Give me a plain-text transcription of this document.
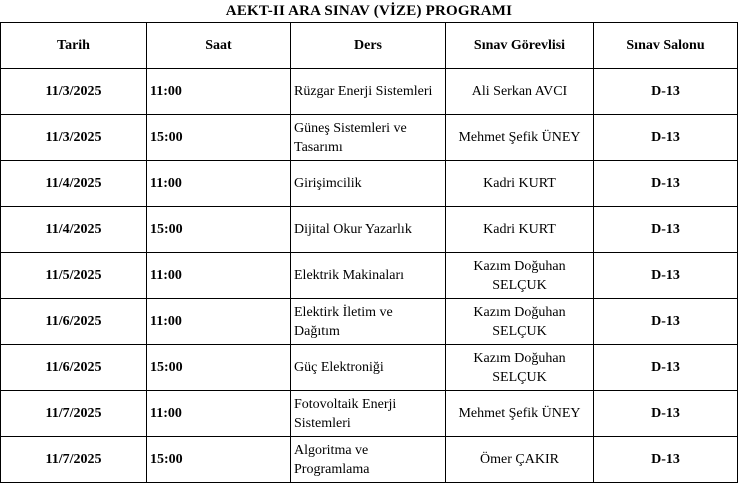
AEKT-II ARA SINAV (VİZE) PROGRAMI
Tarih	Saat	Ders	Sınav Görevlisi	Sınav Salonu
11/3/2025	11:00	Rüzgar Enerji Sistemleri	Ali Serkan AVCI	D-13
11/3/2025	15:00	Güneş Sistemleri ve Tasarımı	Mehmet Şefik ÜNEY	D-13
11/4/2025	11:00	Girişimcilik	Kadri KURT	D-13
11/4/2025	15:00	Dijital Okur Yazarlık	Kadri KURT	D-13
11/5/2025	11:00	Elektrik Makinaları	Kazım Doğuhan SELÇUK	D-13
11/6/2025	11:00	Elektirk İletim ve Dağıtım	Kazım Doğuhan SELÇUK	D-13
11/6/2025	15:00	Güç Elektroniği	Kazım Doğuhan SELÇUK	D-13
11/7/2025	11:00	Fotovoltaik Enerji Sistemleri	Mehmet Şefik ÜNEY	D-13
11/7/2025	15:00	Algoritma ve Programlama	Ömer ÇAKIR	D-13
